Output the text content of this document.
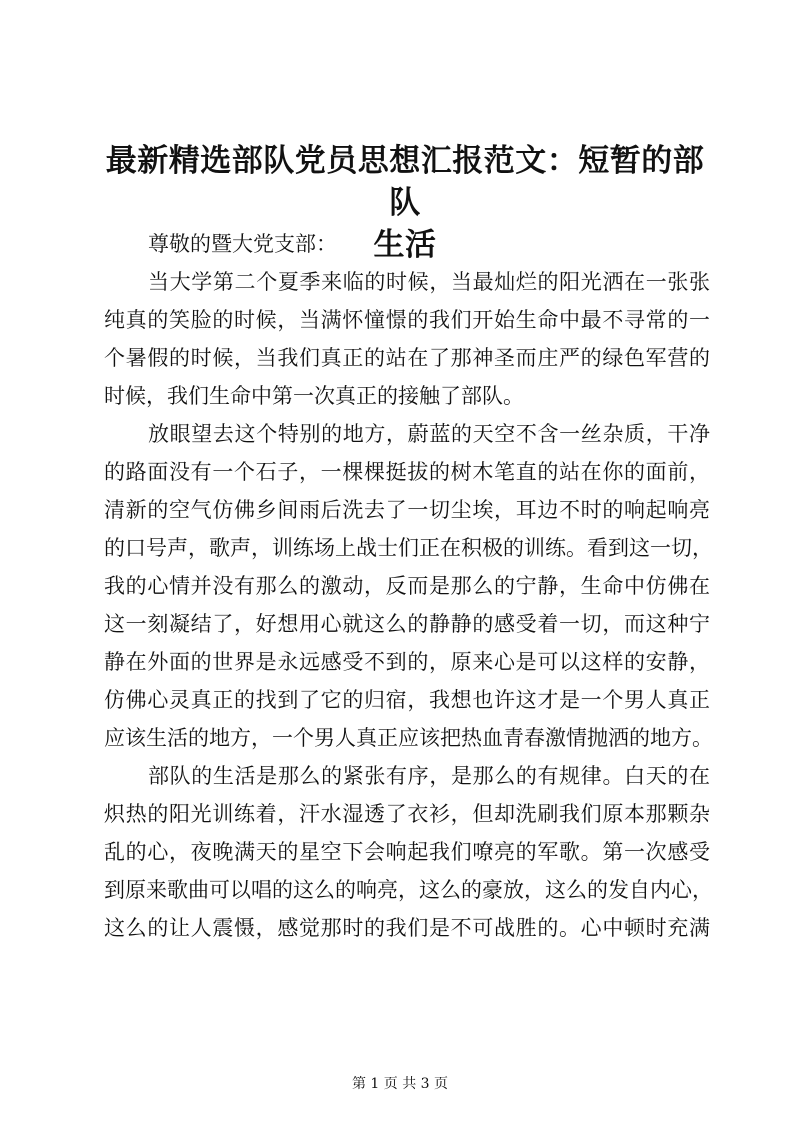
最新精选部队党员思想汇报范文：短暂的部队
生活
尊敬的暨大党支部：
当大学第二个夏季来临的时候，当最灿烂的阳光洒在一张张
纯真的笑脸的时候，当满怀憧憬的我们开始生命中最不寻常的一
个暑假的时候，当我们真正的站在了那神圣而庄严的绿色军营的
时候，我们生命中第一次真正的接触了部队。
放眼望去这个特别的地方，蔚蓝的天空不含一丝杂质，干净
的路面没有一个石子，一棵棵挺拔的树木笔直的站在你的面前，
清新的空气仿佛乡间雨后洗去了一切尘埃，耳边不时的响起响亮
的口号声，歌声，训练场上战士们正在积极的训练。看到这一切，
我的心情并没有那么的激动，反而是那么的宁静，生命中仿佛在
这一刻凝结了，好想用心就这么的静静的感受着一切，而这种宁
静在外面的世界是永远感受不到的，原来心是可以这样的安静，
仿佛心灵真正的找到了它的归宿，我想也许这才是一个男人真正
应该生活的地方，一个男人真正应该把热血青春激情抛洒的地方。
部队的生活是那么的紧张有序，是那么的有规律。白天的在
炽热的阳光训练着，汗水湿透了衣衫，但却洗刷我们原本那颗杂
乱的心，夜晚满天的星空下会响起我们嘹亮的军歌。第一次感受
到原来歌曲可以唱的这么的响亮，这么的豪放，这么的发自内心，
这么的让人震慑，感觉那时的我们是不可战胜的。心中顿时充满
第 1 页 共 3 页
